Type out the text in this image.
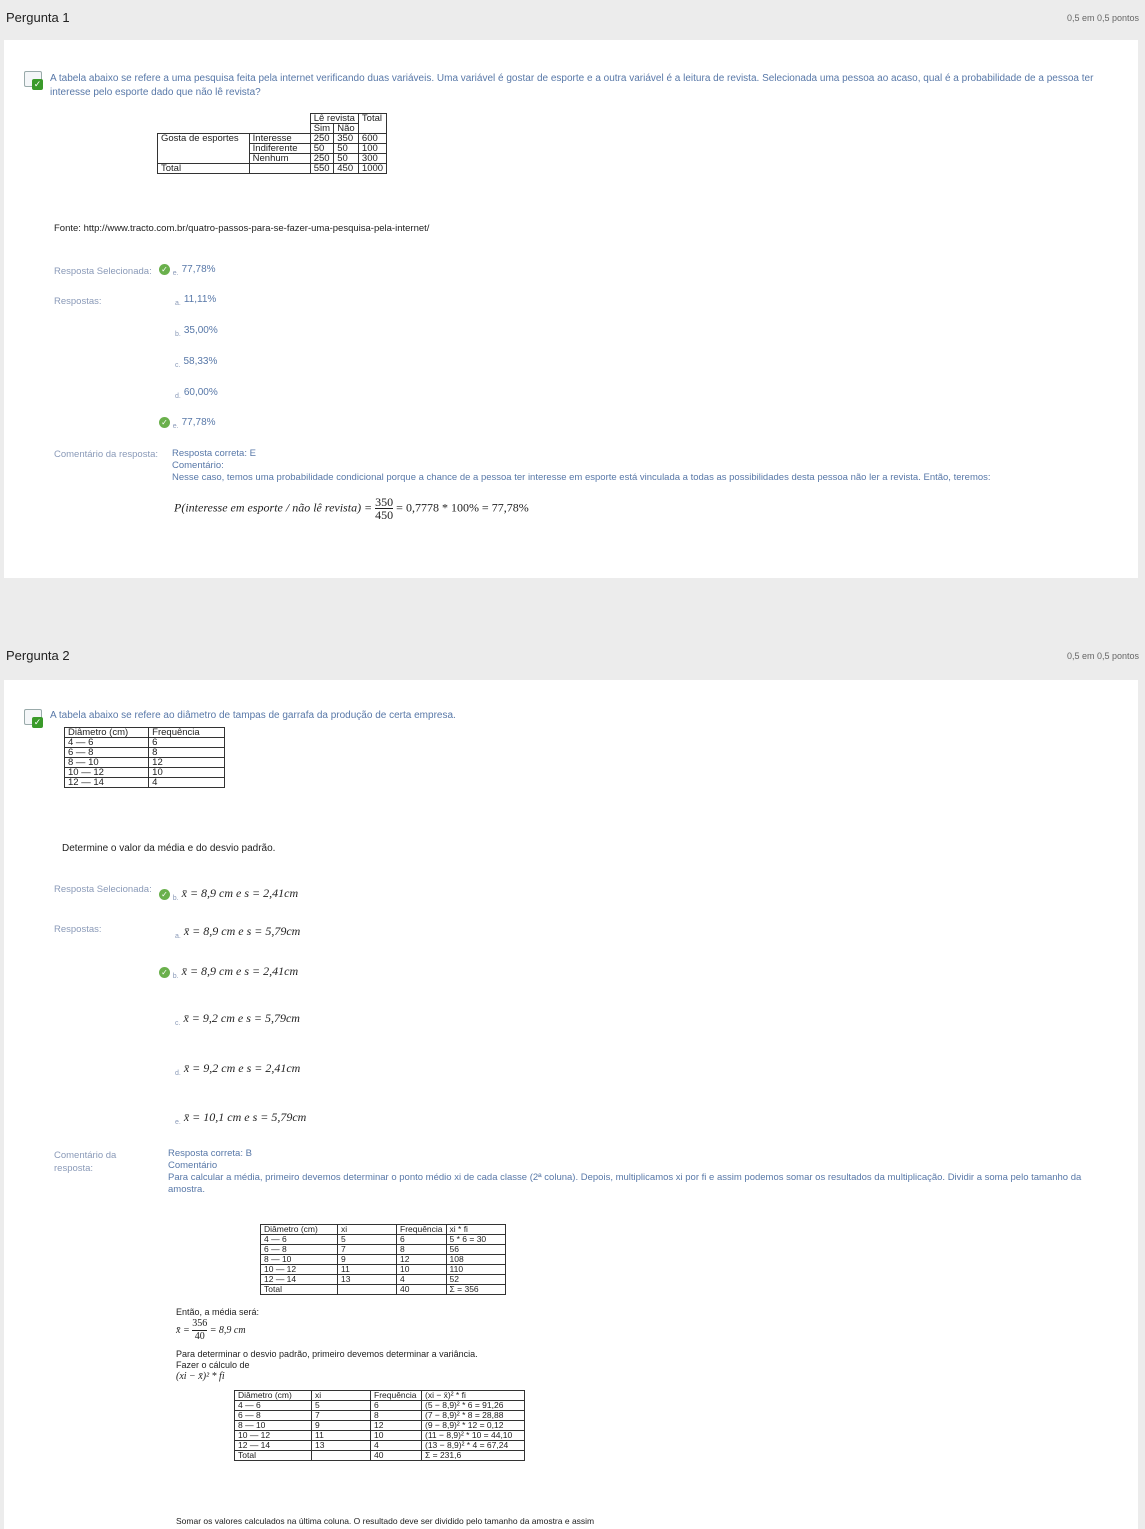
Pergunta 1	0,5 em 0,5 pontos
✓ A tabela abaixo se refere a uma pesquisa feita pela internet verificando duas variáveis. Uma variável é gostar de esporte e a outra variável é a leitura de revista. Selecionada uma pessoa ao acaso, qual é a probabilidade de a pessoa ter interesse pelo esporte dado que não lê revista?
		Lê revista		Total
		Sim	Não	
Gosta de esportes	Interesse	250	350	600
	Indiferente	50	50	100
	Nenhum	250	50	300
Total		550	450	1000
Fonte: http://www.tracto.com.br/quatro-passos-para-se-fazer-uma-pesquisa-pela-internet/
Resposta Selecionada: ✓ $_{e.}$ 77,78%
Respostas:	$_{a.}$ 11,11%
$_{b.}$ 35,00%
$_{c.}$ 58,33%
$_{d.}$ 60,00%
✓ $_{e.}$ 77,78%
Comentário da resposta: Resposta correta: E
Comentário:
Nesse caso, temos uma probabilidade condicional porque a chance de a pessoa ter interesse em esporte está vinculada a todas as possibilidades desta pessoa não ler a revista. Então, teremos:
P(interesse em esporte / não lê revista) = $\frac{350}{450} = 0,7778 * 100\% = 77,78\%$
Pergunta 2	0,5 em 0,5 pontos
✓
A tabela abaixo se refere ao diâmetro de tampas de garrafa da produção de certa empresa.
Diâmetro (cm)	Frequência
4 — 6	6
6 — 8	8
8 — 10	12
10 — 12	10
12 — 14	4
Determine o valor da média e do desvio padrão.
Resposta Selecionada: ✓ $_{b.}$ x̄ = 8,9 cm e s = 2,41cm
Respostas:
$_{a.}$ x̄ = 8,9 cm e s = 5,79cm
✓ $_{b.}$ x̄ = 8,9 cm e s = 2,41cm
$_{c.}$ x̄ = 9,2 cm e s = 5,79cm
$_{d.}$ x̄ = 9,2 cm e s = 2,41cm
$_{e.}$ x̄ = 10,1 cm e s = 5,79cm
Comentário da resposta:
Resposta correta: B
Comentário
Para calcular a média, primeiro devemos determinar o ponto médio xi de cada classe (2ª coluna). Depois, multiplicamos xi por fi e assim podemos somar os resultados da multiplicação. Dividir a soma pelo tamanho da amostra.
Diâmetro (cm)	xi	Frequência	xi * fi
4 — 6	5	6	5 * 6 = 30
6 — 8	7	8	56
8 — 10	9	12	108
10 — 12	11	10	110
12 — 14	13	4	52
Total		40	Σ = 356
Então, a média será:
x̄ = $\frac{356}{40} = 8,9$ cm
Para determinar o desvio padrão, primeiro devemos determinar a variância.
Fazer o cálculo de
(xi − x̄)² * fi
Diâmetro (cm)	xi	Frequência	(xi − x̄)² * fi
4 — 6	5	6	(5 − 8,9)² * 6 = 91,26
6 — 8	7	8	(7 − 8,9)² * 8 = 28,88
8 — 10	9	12	(9 − 8,9)² * 12 = 0,12
10 — 12	11	10	(11 − 8,9)² * 10 = 44,10
12 — 14	13	4	(13 − 8,9)² * 4 = 67,24
Total		40	Σ = 231,6
Somar os valores calculados na última coluna. O resultado deve ser dividido pelo tamanho da amostra e assim
